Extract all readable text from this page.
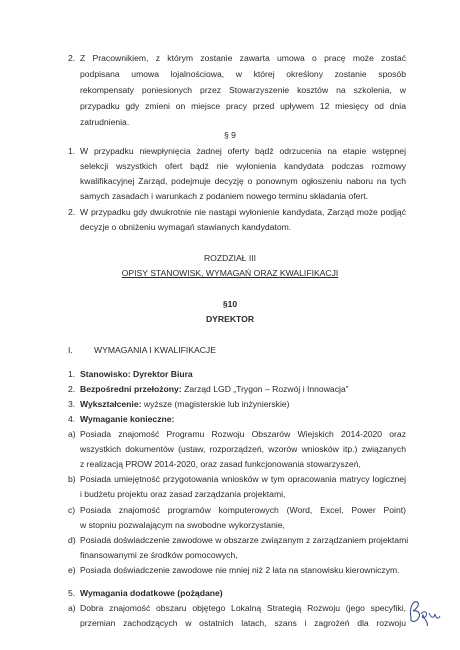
2. Z Pracownikiem, z którym zostanie zawarta umowa o pracę może zostać
podpisana umowa lojalnościowa, w której określony zostanie sposób
rekompensaty poniesionych przez Stowarzyszenie kosztów na szkolenia, w
przypadku gdy zmieni on miejsce pracy przed upływem 12 miesięcy od dnia
zatrudnienia.
§ 9
1. W przypadku niewpłynięcia żadnej oferty bądź odrzucenia na etapie wstępnej
selekcji wszystkich ofert bądź nie wyłonienia kandydata podczas rozmowy
kwalifikacyjnej Zarząd, podejmuje decyzję o ponownym ogłoszeniu naboru na tych
samych zasadach i warunkach z podaniem nowego terminu składania ofert.
2. W przypadku gdy dwukrotnie nie nastąpi wyłonienie kandydata, Zarząd może podjąć
decyzje o obniżeniu wymagań stawianych kandydatom.
ROZDZIAŁ III
OPISY STANOWISK, WYMAGAŃ ORAZ KWALIFIKACJI
§10
DYREKTOR
I. WYMAGANIA I KWALIFIKACJE
1. Stanowisko: Dyrektor Biura
2. Bezpośredni przełożony: Zarząd LGD „Trygon – Rozwój i Innowacja”
3. Wykształcenie: wyższe (magisterskie lub inżynierskie)
4. Wymaganie konieczne:
a) Posiada znajomość Programu Rozwoju Obszarów Wiejskich 2014-2020 oraz
wszystkich dokumentów (ustaw, rozporządzeń, wzorów wniosków itp.) związanych
z realizacją PROW 2014-2020, oraz zasad funkcjonowania stowarzyszeń,
b) Posiada umiejętność przygotowania wniosków w tym opracowania matrycy logicznej
i budżetu projektu oraz zasad zarządzania projektami,
c) Posiada znajomość programów komputerowych (Word, Excel, Power Point)
w stopniu pozwalającym na swobodne wykorzystanie,
d) Posiada doświadczenie zawodowe w obszarze związanym z zarządzaniem projektami
finansowanymi ze środków pomocowych,
e) Posiada doświadczenie zawodowe nie mniej niż 2 lata na stanowisku kierowniczym.
5. Wymagania dodatkowe (pożądane)
a) Dobra znajomość obszaru objętego Lokalną Strategią Rozwoju (jego specyfiki,
przemian zachodzących w ostatnich latach, szans i zagrożeń dla rozwoju
